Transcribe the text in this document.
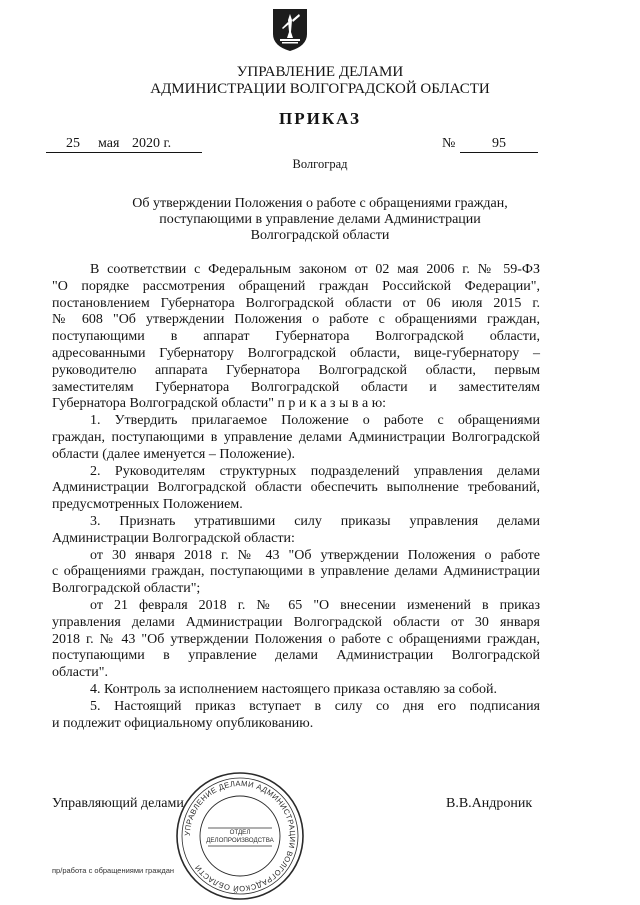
УПРАВЛЕНИЕ ДЕЛАМИ
АДМИНИСТРАЦИИ ВОЛГОГРАДСКОЙ ОБЛАСТИ
ПРИКАЗ
25 мая 2020 г.	№	95
Волгоград
Об утверждении Положения о работе с обращениями граждан,
поступающими в управление делами Администрации
Волгоградской области
В соответствии с Федеральным законом от 02 мая 2006 г. № 59-ФЗ
"О порядке рассмотрения обращений граждан Российской Федерации",
постановлением Губернатора Волгоградской области от 06 июля 2015 г.
№ 608 "Об утверждении Положения о работе с обращениями граждан,
поступающими в аппарат Губернатора Волгоградской области,
адресованными Губернатору Волгоградской области, вице-губернатору –
руководителю аппарата Губернатора Волгоградской области, первым
заместителям Губернатора Волгоградской области и заместителям
Губернатора Волгоградской области" п р и к а з ы в а ю:
1. Утвердить прилагаемое Положение о работе с обращениями
граждан, поступающими в управление делами Администрации Волгоградской
области (далее именуется – Положение).
2. Руководителям структурных подразделений управления делами
Администрации Волгоградской области обеспечить выполнение требований,
предусмотренных Положением.
3. Признать утратившими силу приказы управления делами
Администрации Волгоградской области:
от 30 января 2018 г. № 43 "Об утверждении Положения о работе
с обращениями граждан, поступающими в управление делами Администрации
Волгоградской области";
от 21 февраля 2018 г. № 65 "О внесении изменений в приказ
управления делами Администрации Волгоградской области от 30 января
2018 г. № 43 "Об утверждении Положения о работе с обращениями граждан,
поступающими в управление делами Администрации Волгоградской
области".
4. Контроль за исполнением настоящего приказа оставляю за собой.
5. Настоящий приказ вступает в силу со дня его подписания
и подлежит официальному опубликованию.
УПРАВЛЕНИЕ ДЕЛАМИ АДМИНИСТРАЦИИ ВОЛГОГРАДСКОЙ ОБЛАСТИ
ОТДЕЛ ДЕЛОПРОИЗВОДСТВА
Управляющий делами	В.В.Андроник
пр/работа с обращениями граждан
